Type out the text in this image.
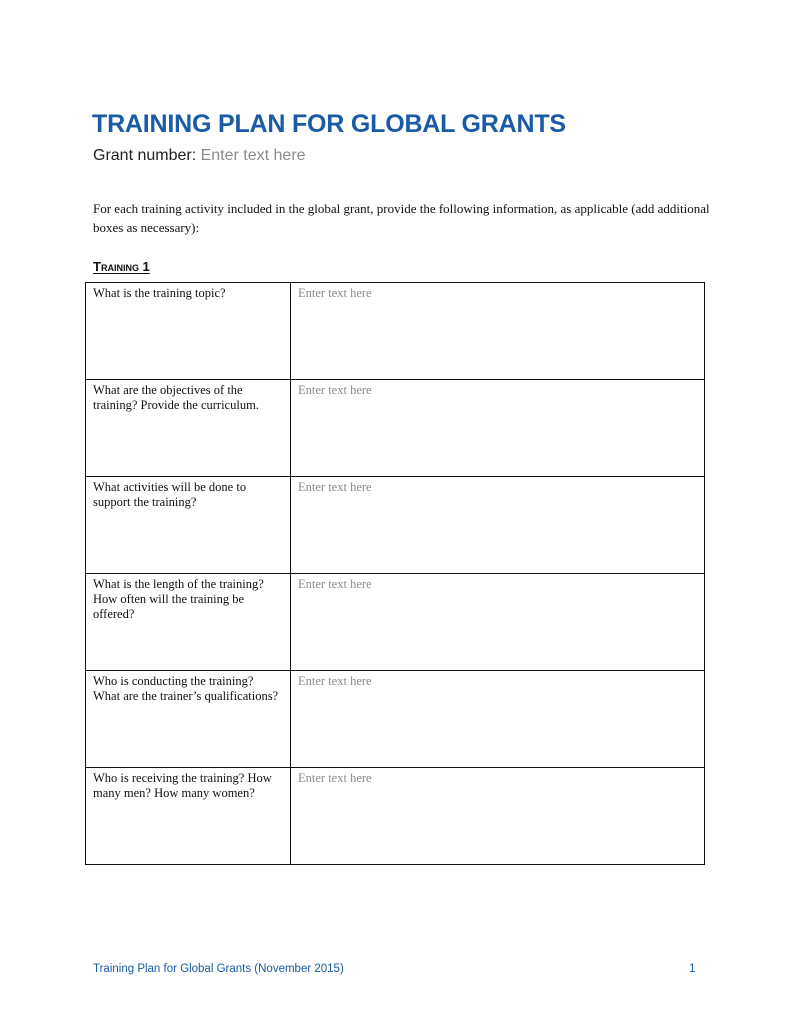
TRAINING PLAN FOR GLOBAL GRANTS
Grant number: Enter text here

For each training activity included in the global grant, provide the following information, as applicable (add additional boxes as necessary):

Training 1
What is the training topic?	Enter text here
What are the objectives of the training? Provide the curriculum.	Enter text here
What activities will be done to support the training?	Enter text here
What is the length of the training? How often will the training be offered?	Enter text here
Who is conducting the training? What are the trainer’s qualifications?	Enter text here
Who is receiving the training? How many men? How many women?	Enter text here
Training Plan for Global Grants (November 2015)	1
